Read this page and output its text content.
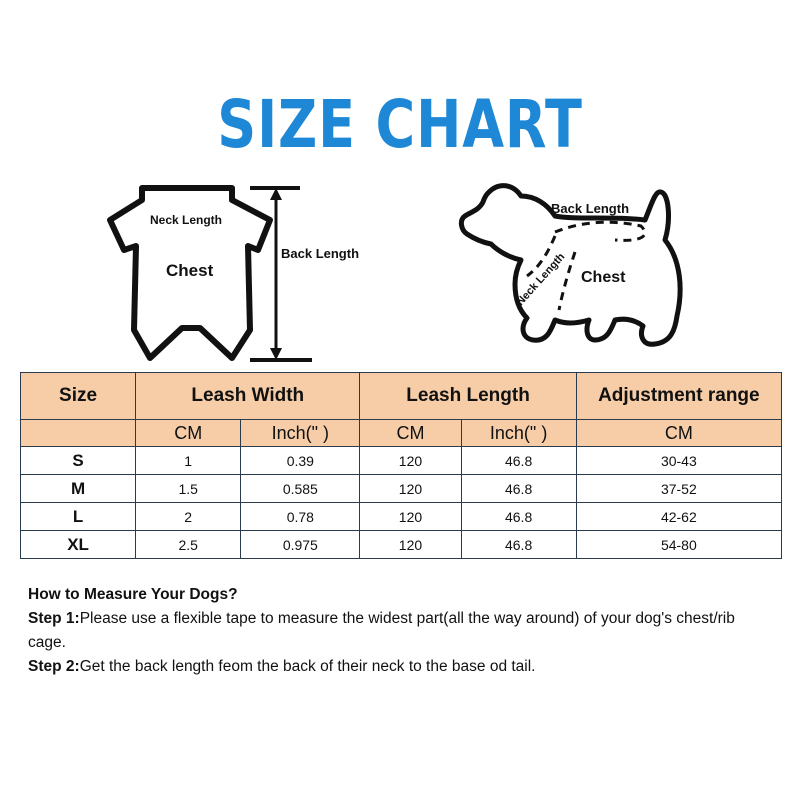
SIZE CHART
Neck Length
Chest
Back Length
Back Length
Neck Length Chest
Size	Leash Width		Leash Length		Adjustment range
	CM	Inch(" )	CM	Inch(" )	CM
S	1	0.39	120	46.8	30-43
M	1.5	0.585	120	46.8	37-52
L	2	0.78	120	46.8	42-62
XL	2.5	0.975	120	46.8	54-80
How to Measure Your Dogs?
Step 1:Please use a flexible tape to measure the widest part(all the way around) of your dog's chest/rib cage.
Step 2:Get the back length feom the back of their neck to the base od tail.
